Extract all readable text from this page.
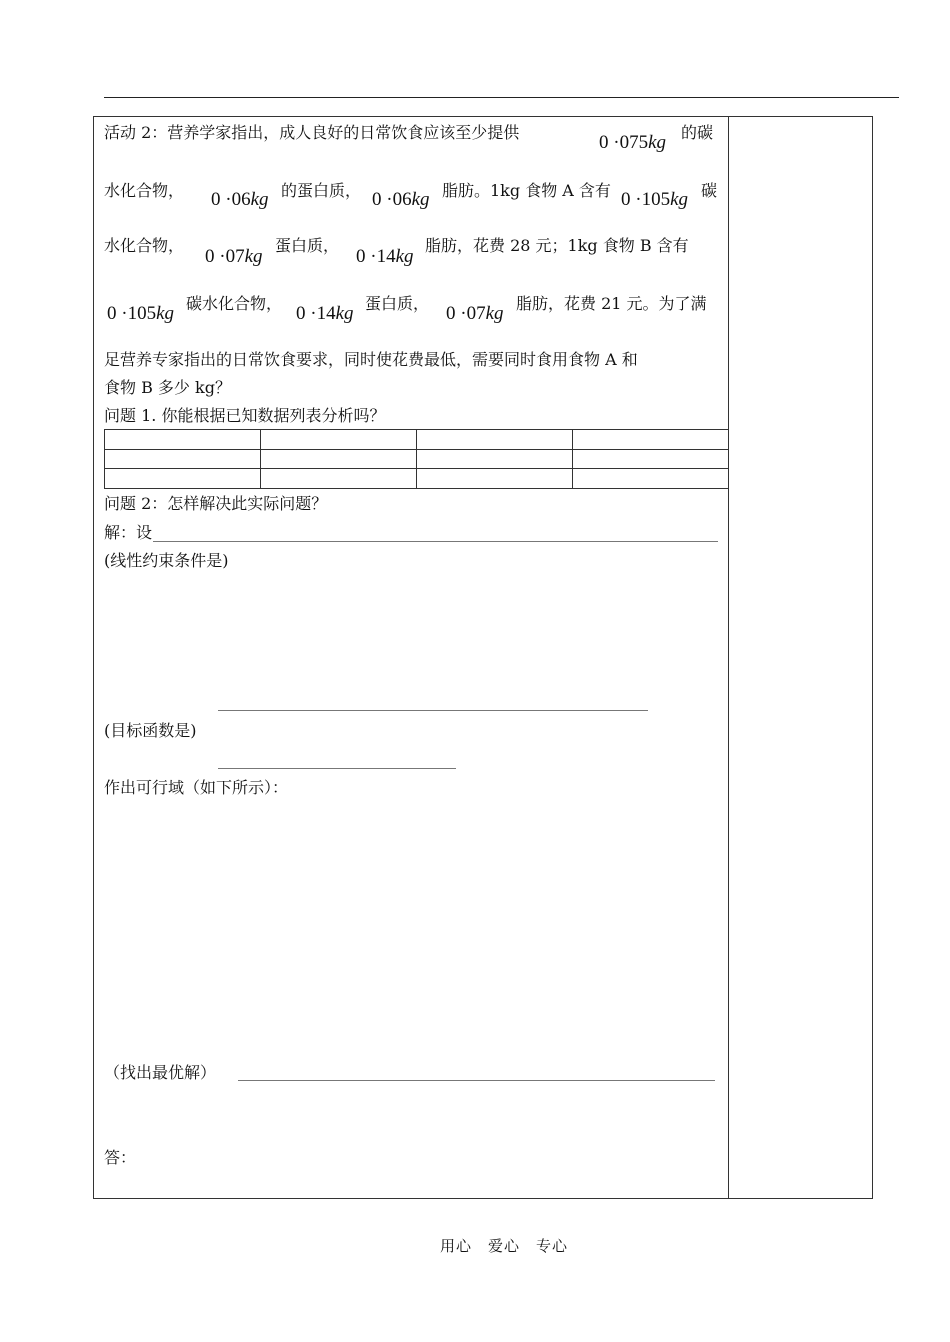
活动 2：营养学家指出，成人良好的日常饮食应该至少提供	0 ·075kg 的碳
水化合物， 0 ·06kg 的蛋白质， 0 ·06kg 脂肪。1kg 食物 A 含有 0 ·105kg 碳
水化合物，
0 ·07kg
蛋白质，
0 ·14kg
脂肪，花费 28 元；1kg 食物 B 含有
0 ·105kg 碳水化合物， 0 ·14kg 蛋白质， 0 ·07kg 脂肪，花费 21 元。为了满
足营养专家指出的日常饮食要求，同时使花费最低，需要同时食用食物 A 和
食物 B 多少 kg？
问题 1. 你能根据已知数据列表分析吗？

问题 2：怎样解决此实际问题？
解：设
(线性约束条件是)
(目标函数是)
作出可行域（如下所示）：
（找出最优解）
答：
用心　爱心　专心
